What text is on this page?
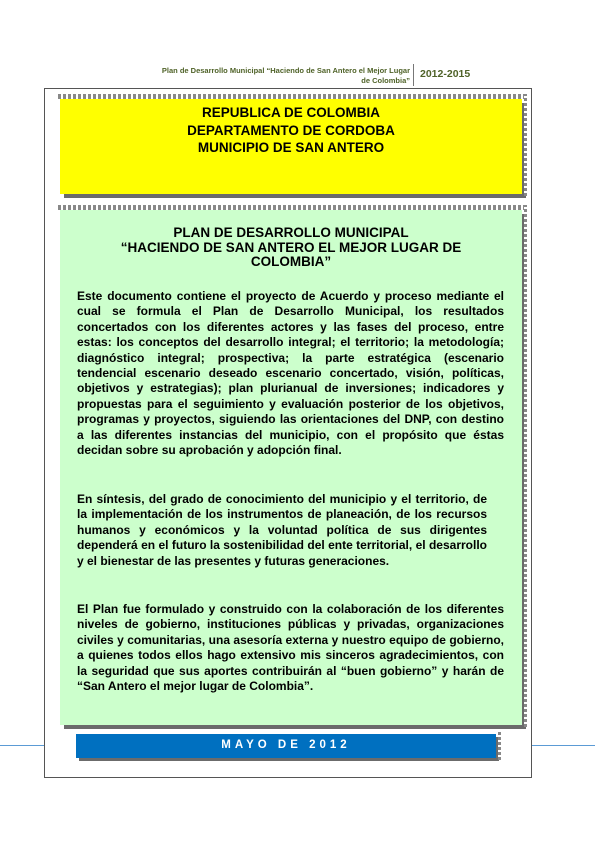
Plan de Desarrollo Municipal “Haciendo de San Antero el Mejor Lugar
de Colombia”
2012-2015
REPUBLICA DE COLOMBIA
DEPARTAMENTO DE CORDOBA
MUNICIPIO DE SAN ANTERO
PLAN DE DESARROLLO MUNICIPAL
“HACIENDO DE SAN ANTERO EL MEJOR LUGAR DE
COLOMBIA”
Este documento contiene el proyecto de Acuerdo y proceso mediante el cual se formula el Plan de Desarrollo Municipal, los resultados concertados con los diferentes actores y las fases del proceso, entre estas: los conceptos del desarrollo integral; el territorio; la metodología; diagnóstico integral; prospectiva; la parte estratégica (escenario tendencial escenario deseado escenario concertado, visión, políticas, objetivos y estrategias); plan plurianual de inversiones; indicadores y propuestas para el seguimiento y evaluación posterior de los objetivos, programas y proyectos, siguiendo las orientaciones del DNP, con destino a las diferentes instancias del municipio, con el propósito que éstas decidan sobre su aprobación y adopción final.
En síntesis, del grado de conocimiento del municipio y el territorio, de la implementación de los instrumentos de planeación, de los recursos humanos y económicos y la voluntad política de sus dirigentes dependerá en el futuro la sostenibilidad del ente territorial, el desarrollo y el bienestar de las presentes y futuras generaciones.
El Plan fue formulado y construido con la colaboración de los diferentes niveles de gobierno, instituciones públicas y privadas, organizaciones civiles y comunitarias, una asesoría externa y nuestro equipo de gobierno, a quienes todos ellos hago extensivo mis sinceros agradecimientos, con la seguridad que sus aportes contribuirán al “buen gobierno” y harán de “San Antero el mejor lugar de Colombia”.
MAYO DE 2012
